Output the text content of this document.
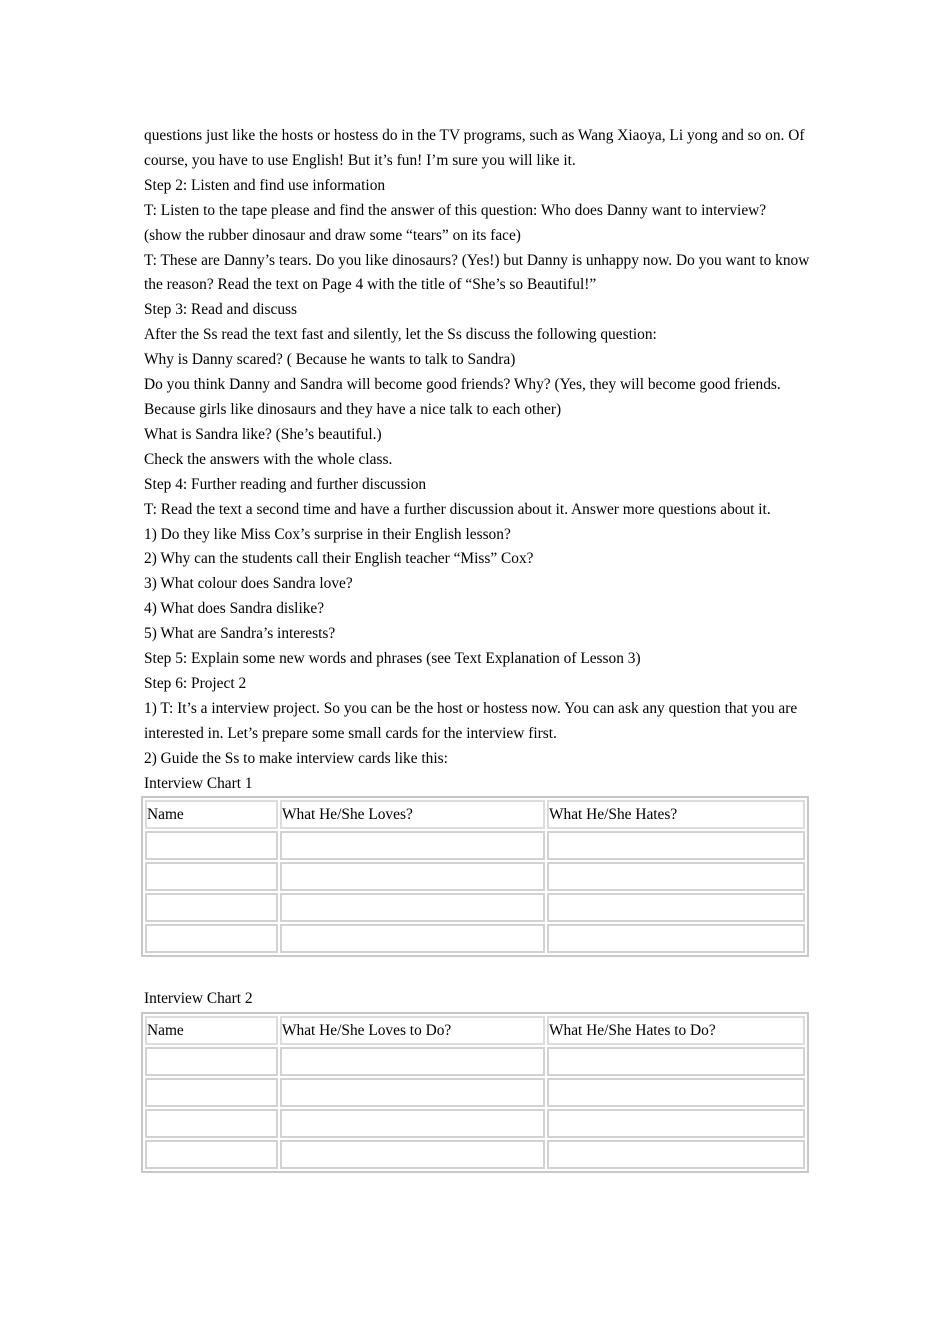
questions just like the hosts or hostess do in the TV programs, such as Wang Xiaoya, Li yong and so on. Of course, you have to use English! But it’s fun! I’m sure you will like it.

Step 2: Listen and find use information

T: Listen to the tape please and find the answer of this question: Who does Danny want to interview?

(show the rubber dinosaur and draw some “tears” on its face)

T: These are Danny’s tears. Do you like dinosaurs? (Yes!) but Danny is unhappy now. Do you want to know the reason? Read the text on Page 4 with the title of “She’s so Beautiful!”

Step 3: Read and discuss

After the Ss read the text fast and silently, let the Ss discuss the following question:

Why is Danny scared? ( Because he wants to talk to Sandra)

Do you think Danny and Sandra will become good friends? Why? (Yes, they will become good friends. Because girls like dinosaurs and they have a nice talk to each other)

What is Sandra like? (She’s beautiful.)

Check the answers with the whole class.

Step 4: Further reading and further discussion

T: Read the text a second time and have a further discussion about it. Answer more questions about it.

1) Do they like Miss Cox’s surprise in their English lesson?

2) Why can the students call their English teacher “Miss” Cox?

3) What colour does Sandra love?

4) What does Sandra dislike?

5) What are Sandra’s interests?

Step 5: Explain some new words and phrases (see Text Explanation of Lesson 3)

Step 6: Project 2

1) T: It’s a interview project. So you can be the host or hostess now. You can ask any question that you are interested in. Let’s prepare some small cards for the interview first.

2) Guide the Ss to make interview cards like this:

Interview Chart 1

Name	What He/She Loves?	What He/She Hates?

Interview Chart 2

Name	What He/She Loves to Do?	What He/She Hates to Do?
